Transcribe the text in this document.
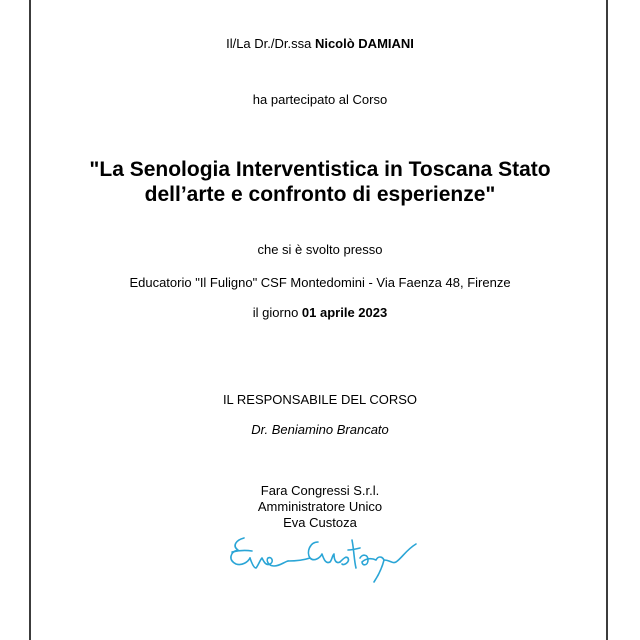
Il/La Dr./Dr.ssa Nicolò DAMIANI
ha partecipato al Corso
"La Senologia Interventistica in Toscana Stato
dell’arte e confronto di esperienze"
che si è svolto presso
Educatorio "Il Fuligno" CSF Montedomini - Via Faenza 48, Firenze
il giorno 01 aprile 2023
IL RESPONSABILE DEL CORSO
Dr. Beniamino Brancato
Fara Congressi S.r.l.
Amministratore Unico
Eva Custoza
